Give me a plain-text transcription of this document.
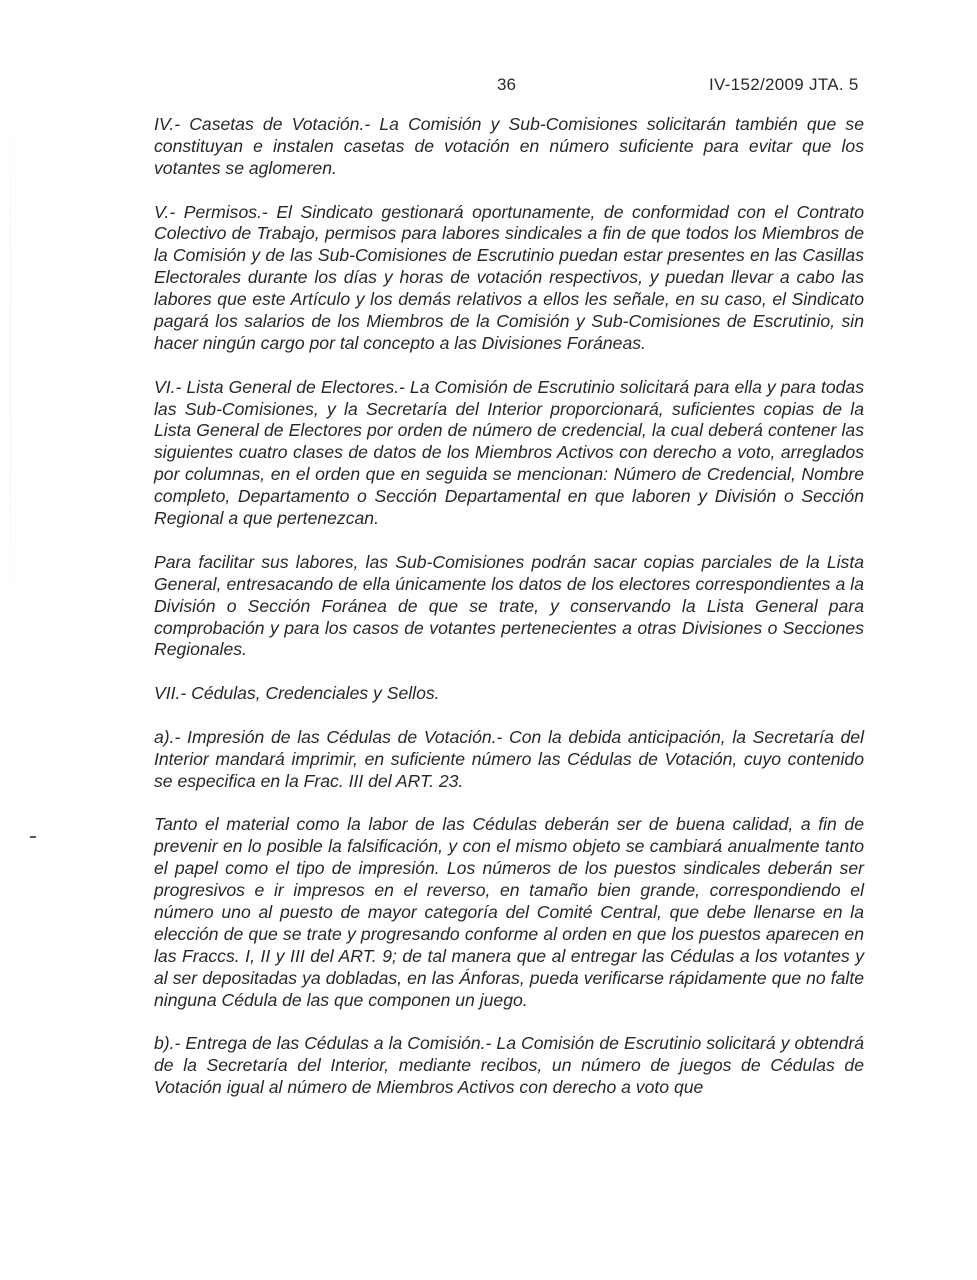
36	IV-152/2009 JTA. 5

IV.- Casetas de Votación.- La Comisión y Sub-Comisiones solicitarán también que se constituyan e instalen casetas de votación en número suficiente para evitar que los votantes se aglomeren.

V.- Permisos.- El Sindicato gestionará oportunamente, de conformidad con el Contrato Colectivo de Trabajo, permisos para labores sindicales a fin de que todos los Miembros de la Comisión y de las Sub-Comisiones de Escrutinio puedan estar presentes en las Casillas Electorales durante los días y horas de votación respectivos, y puedan llevar a cabo las labores que este Artículo y los demás relativos a ellos les señale, en su caso, el Sindicato pagará los salarios de los Miembros de la Comisión y Sub-Comisiones de Escrutinio, sin hacer ningún cargo por tal concepto a las Divisiones Foráneas.

VI.- Lista General de Electores.- La Comisión de Escrutinio solicitará para ella y para todas las Sub-Comisiones, y la Secretaría del Interior proporcionará, suficientes copias de la Lista General de Electores por orden de número de credencial, la cual deberá contener las siguientes cuatro clases de datos de los Miembros Activos con derecho a voto, arreglados por columnas, en el orden que en seguida se mencionan: Número de Credencial, Nombre completo, Departamento o Sección Departamental en que laboren y División o Sección Regional a que pertenezcan.

Para facilitar sus labores, las Sub-Comisiones podrán sacar copias parciales de la Lista General, entresacando de ella únicamente los datos de los electores correspondientes a la División o Sección Foránea de que se trate, y conservando la Lista General para comprobación y para los casos de votantes pertenecientes a otras Divisiones o Secciones Regionales.

VII.- Cédulas, Credenciales y Sellos.

a).- Impresión de las Cédulas de Votación.- Con la debida anticipación, la Secretaría del Interior mandará imprimir, en suficiente número las Cédulas de Votación, cuyo contenido se especifica en la Frac. III del ART. 23.

Tanto el material como la labor de las Cédulas deberán ser de buena calidad, a fin de prevenir en lo posible la falsificación, y con el mismo objeto se cambiará anualmente tanto el papel como el tipo de impresión. Los números de los puestos sindicales deberán ser progresivos e ir impresos en el reverso, en tamaño bien grande, correspondiendo el número uno al puesto de mayor categoría del Comité Central, que debe llenarse en la elección de que se trate y progresando conforme al orden en que los puestos aparecen en las Fraccs. I, II y III del ART. 9; de tal manera que al entregar las Cédulas a los votantes y al ser depositadas ya dobladas, en las Ánforas, pueda verificarse rápidamente que no falte ninguna Cédula de las que componen un juego.

b).- Entrega de las Cédulas a la Comisión.- La Comisión de Escrutinio solicitará y obtendrá de la Secretaría del Interior, mediante recibos, un número de juegos de Cédulas de Votación igual al número de Miembros Activos con derecho a voto que
